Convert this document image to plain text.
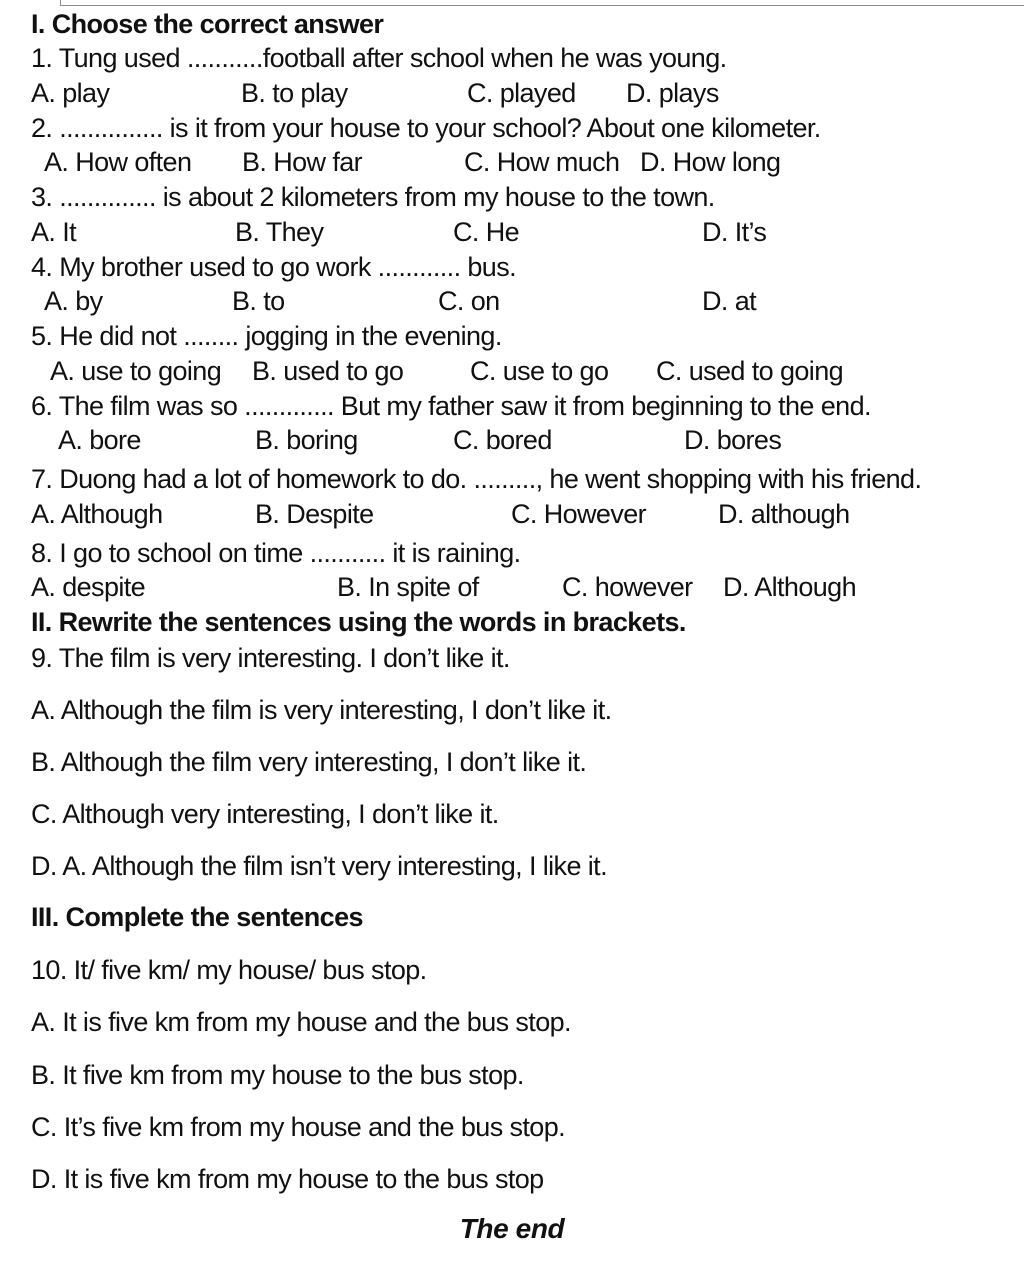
I. Choose the correct answer
1. Tung used ...........football after school when he was young.
A. play	B. to play	C. played D. plays
2. ............... is it from your house to your school? About one kilometer.
A. How often B. How far	C. How much D. How long
3. .............. is about 2 kilometers from my house to the town.
A. It	B. They	C. He	D. It’s
4. My brother used to go work ............ bus.
A. by	B. to	C. on	D. at
5. He did not ........ jogging in the evening.
A. use to going B. used to go C. use to go C. used to going
6. The film was so ............. But my father saw it from beginning to the end.
A. bore	B. boring	C. bored	D. bores
7. Duong had a lot of homework to do. ........., he went shopping with his friend.
A. Although	B. Despite	C. However	D. although
8. I go to school on time ........... it is raining.
A. despite	B. In spite of	C. however D. Although
II. Rewrite the sentences using the words in brackets.
9. The film is very interesting. I don’t like it.
A. Although the film is very interesting, I don’t like it.
B. Although the film very interesting, I don’t like it.
C. Although very interesting, I don’t like it.
D. A. Although the film isn’t very interesting, I like it.
III. Complete the sentences
10. It/ five km/ my house/ bus stop.
A. It is five km from my house and the bus stop.
B. It five km from my house to the bus stop.
C. It’s five km from my house and the bus stop.
D. It is five km from my house to the bus stop
The end
